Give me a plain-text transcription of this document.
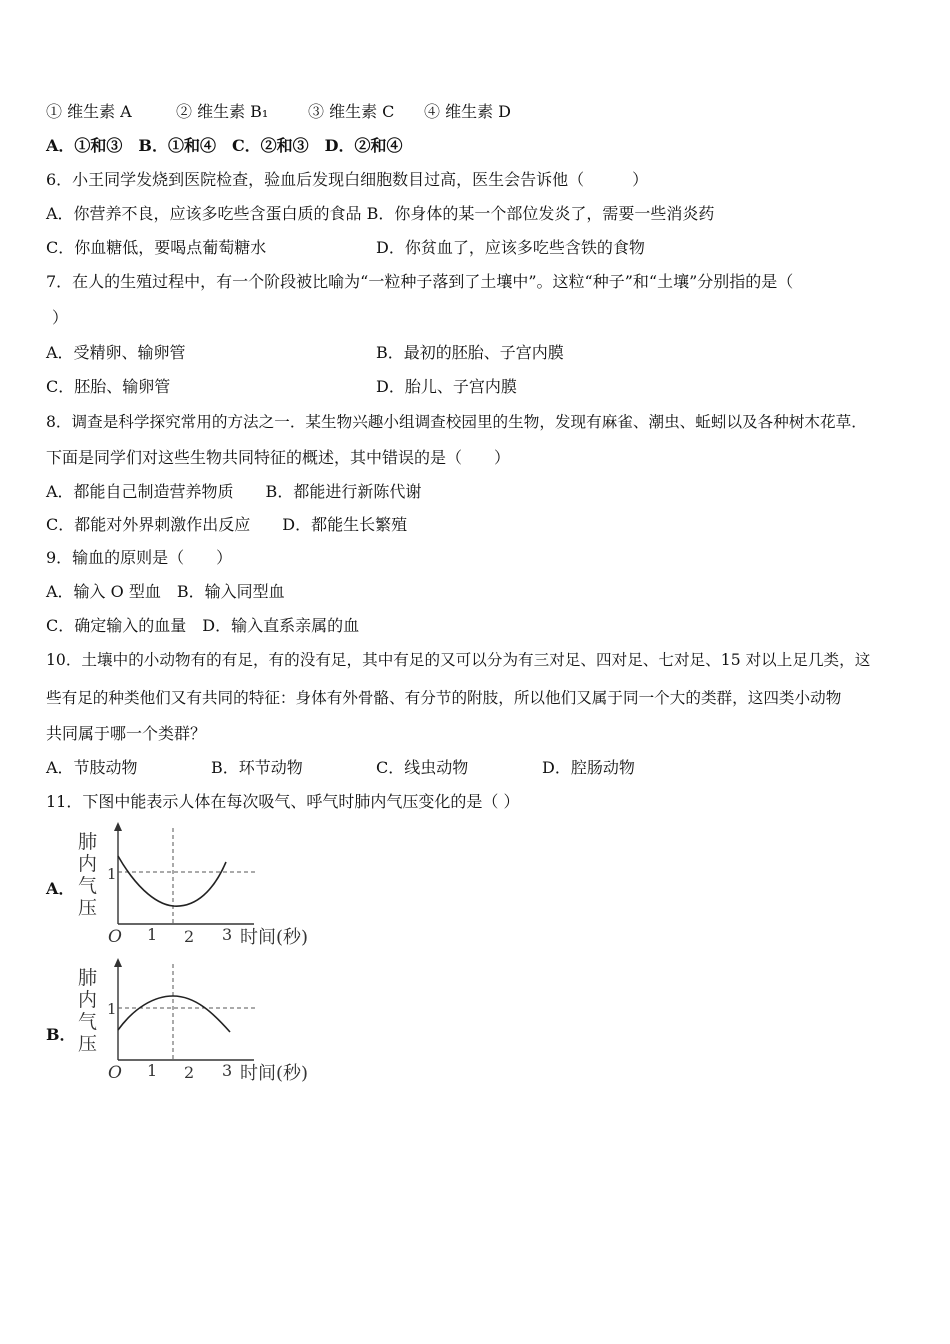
① 维生素 A	② 维生素 B₁ ③ 维生素 C ④ 维生素 D
A．①和③　B．①和④　C．②和③　D．②和④
6．小王同学发烧到医院检查，验血后发现白细胞数目过高，医生会告诉他（　　　）
A．你营养不良，应该多吃些含蛋白质的食品 B．你身体的某一个部位发炎了，需要一些消炎药
C．你血糖低，要喝点葡萄糖水	D．你贫血了，应该多吃些含铁的食物
7．在人的生殖过程中，有一个阶段被比喻为“一粒种子落到了土壤中”。这粒“种子”和“土壤”分别指的是（
）
A．受精卵、输卵管	B．最初的胚胎、子宫内膜
C．胚胎、输卵管	D．胎儿、子宫内膜
8．调查是科学探究常用的方法之一．某生物兴趣小组调查校园里的生物，发现有麻雀、潮虫、蚯蚓以及各种树木花草．
下面是同学们对这些生物共同特征的概述，其中错误的是（　　）
A．都能自己制造营养物质　　B．都能进行新陈代谢
C．都能对外界刺激作出反应　　D．都能生长繁殖
9．输血的原则是（　　）
A．输入 O 型血　B．输入同型血
C．确定输入的血量　D．输入直系亲属的血
10．土壤中的小动物有的有足，有的没有足，其中有足的又可以分为有三对足、四对足、七对足、15 对以上足几类，这
些有足的种类他们又有共同的特征：身体有外骨骼、有分节的附肢，所以他们又属于同一个大的类群，这四类小动物
共同属于哪一个类群？
A．节肢动物	B．环节动物	C．线虫动物	D．腔肠动物
11．下图中能表示人体在每次吸气、呼气时肺内气压变化的是（ ）
A．
肺
内
气
压
1
O 1 2 3 时间(秒)
B．
肺
内
气
压
1
O 1 2 3 时间(秒)
